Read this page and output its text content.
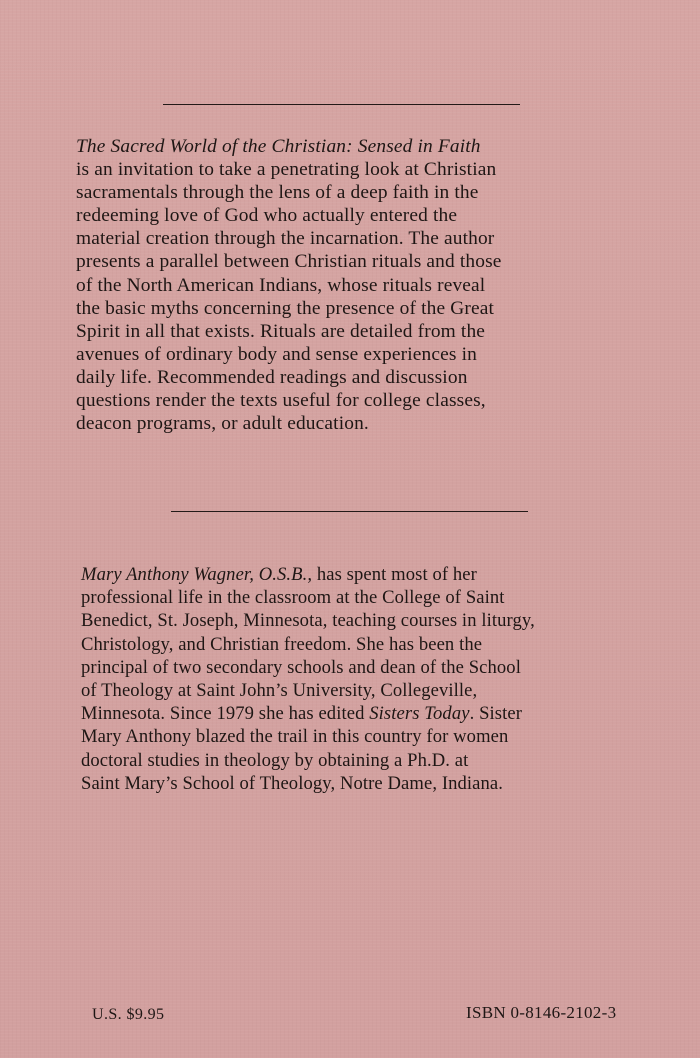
The Sacred World of the Christian: Sensed in Faith
is an invitation to take a penetrating look at Christian
sacramentals through the lens of a deep faith in the
redeeming love of God who actually entered the
material creation through the incarnation. The author
presents a parallel between Christian rituals and those
of the North American Indians, whose rituals reveal
the basic myths concerning the presence of the Great
Spirit in all that exists. Rituals are detailed from the
avenues of ordinary body and sense experiences in
daily life. Recommended readings and discussion
questions render the texts useful for college classes,
deacon programs, or adult education.
Mary Anthony Wagner, O.S.B., has spent most of her
professional life in the classroom at the College of Saint
Benedict, St. Joseph, Minnesota, teaching courses in liturgy,
Christology, and Christian freedom. She has been the
principal of two secondary schools and dean of the School
of Theology at Saint John’s University, Collegeville,
Minnesota. Since 1979 she has edited Sisters Today. Sister
Mary Anthony blazed the trail in this country for women
doctoral studies in theology by obtaining a Ph.D. at
Saint Mary’s School of Theology, Notre Dame, Indiana.
U.S. $9.95	ISBN 0-8146-2102-3
